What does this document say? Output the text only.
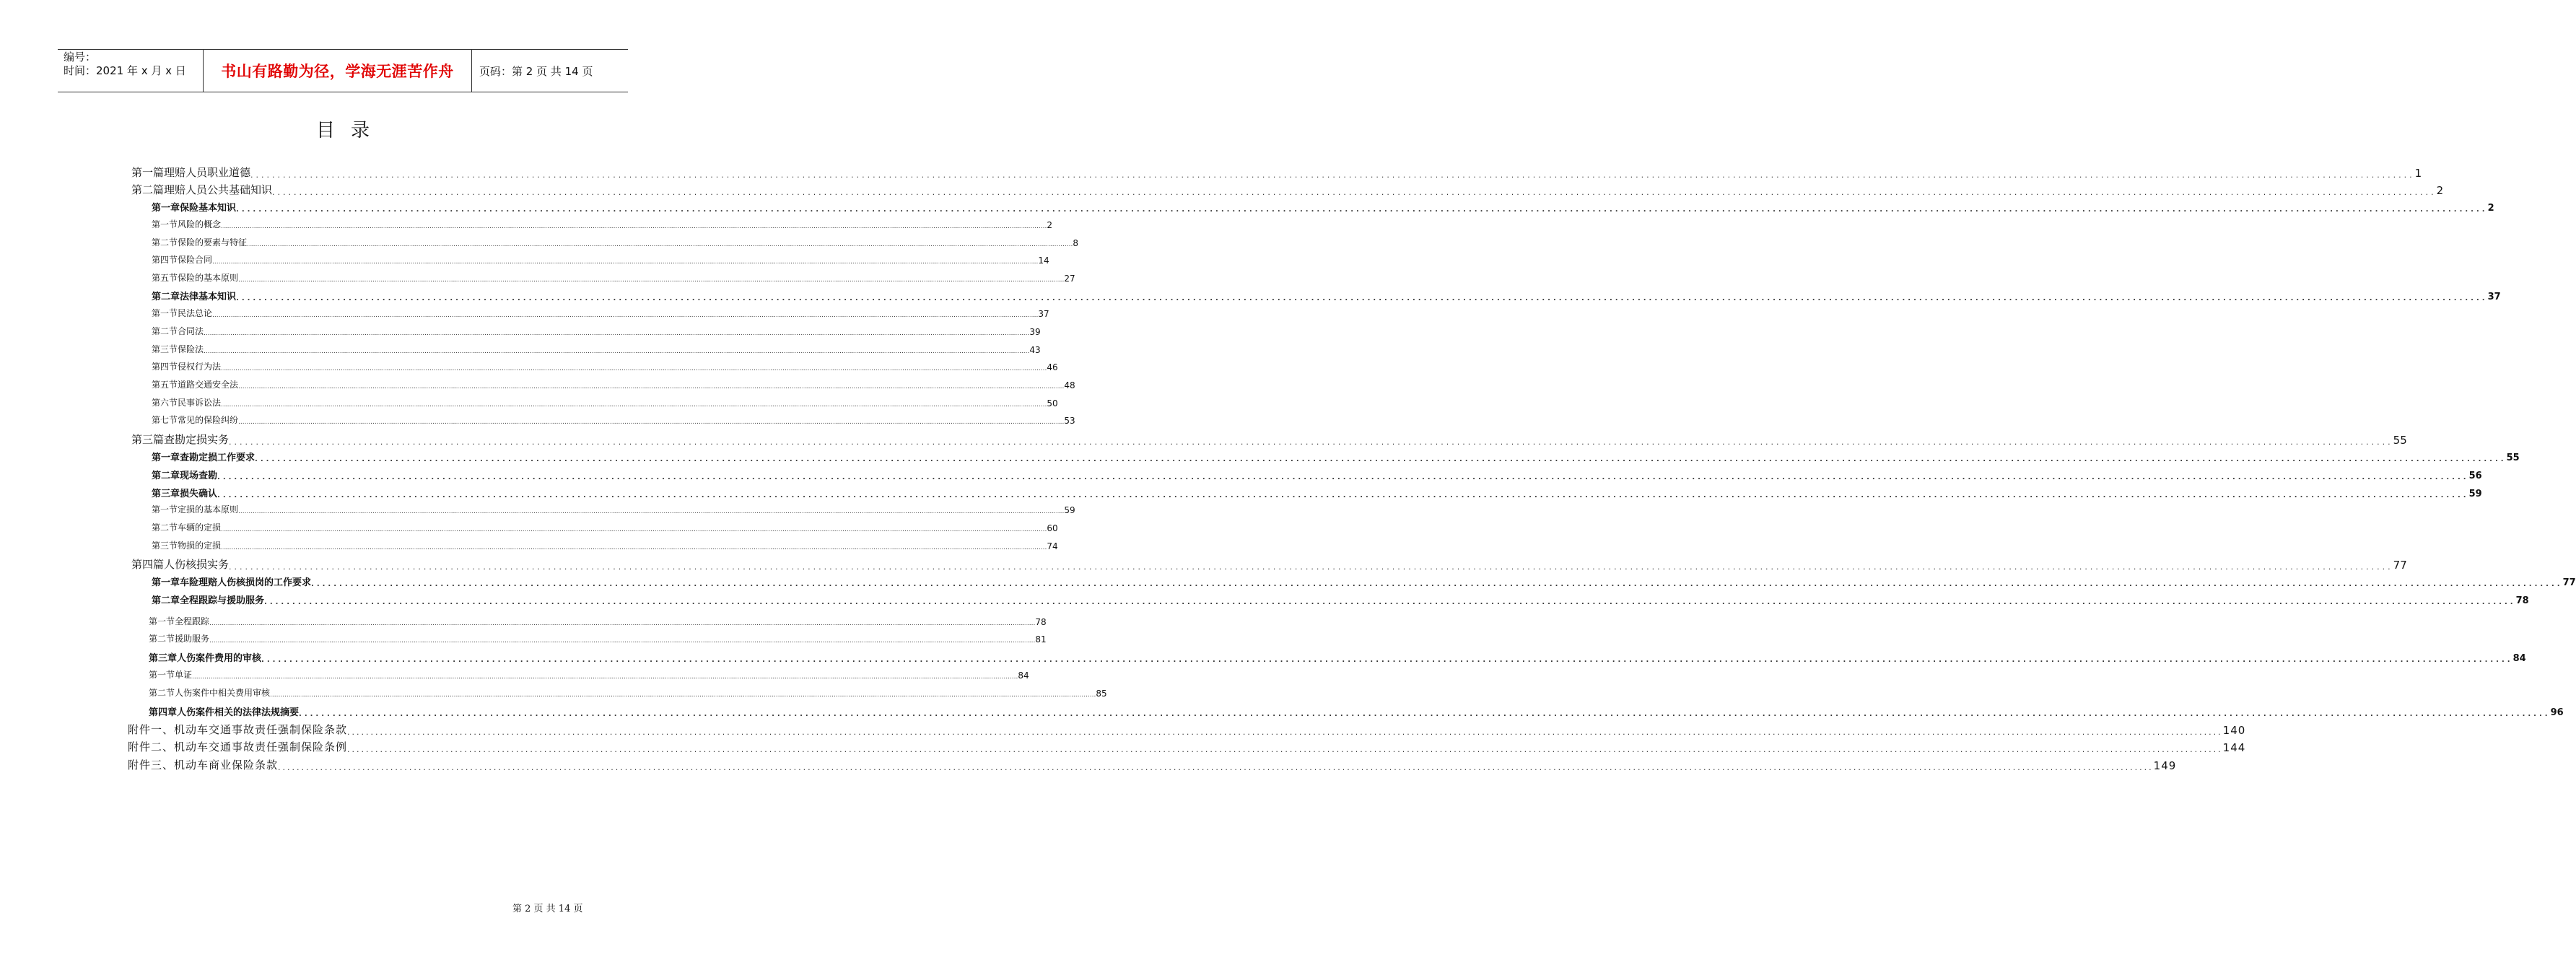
编号：
时间：2021 年 x 月 x 日	书山有路勤为径，学海无涯苦作舟	页码：第 2 页 共 14 页
目录
第一篇 理赔人员职业道德 ................................................................................................................................................................................................................................................................................................................................................................................................................ 1
第二篇 理赔人员公共基础知识 ................................................................................................................................................................................................................................................................................................................................................................................................................ 2
第一章 保险基本知识 ................................................................................................................................................................................................................................................................................................................................................................................................................ 2
第一节 风险的概念 ................................................................................................................................................................................................................................................................................................................................................................................................................ 2
第二节 保险的要素与特征 ................................................................................................................................................................................................................................................................................................................................................................................................................ 8
第四节 保险合同 ................................................................................................................................................................................................................................................................................................................................................................................................................ 14
第五节 保险的基本原则 ................................................................................................................................................................................................................................................................................................................................................................................................................ 27
第二章 法律基本知识 ................................................................................................................................................................................................................................................................................................................................................................................................................ 37
第一节 民法总论 ................................................................................................................................................................................................................................................................................................................................................................................................................ 37
第二节 合同法 ................................................................................................................................................................................................................................................................................................................................................................................................................ 39
第三节 保险法 ................................................................................................................................................................................................................................................................................................................................................................................................................ 43
第四节 侵权行为法 ................................................................................................................................................................................................................................................................................................................................................................................................................ 46
第五节 道路交通安全法 ................................................................................................................................................................................................................................................................................................................................................................................................................ 48
第六节 民事诉讼法 ................................................................................................................................................................................................................................................................................................................................................................................................................ 50
第七节 常见的保险纠纷 ................................................................................................................................................................................................................................................................................................................................................................................................................ 53
第三篇 查勘定损实务 ................................................................................................................................................................................................................................................................................................................................................................................................................ 55
第一章 查勘定损工作要求 ................................................................................................................................................................................................................................................................................................................................................................................................................ 55
第二章 现场查勘 ................................................................................................................................................................................................................................................................................................................................................................................................................ 56
第三章 损失确认 ................................................................................................................................................................................................................................................................................................................................................................................................................ 59
第一节 定损的基本原则 ................................................................................................................................................................................................................................................................................................................................................................................................................ 59
第二节 车辆的定损 ................................................................................................................................................................................................................................................................................................................................................................................................................ 60
第三节 物损的定损 ................................................................................................................................................................................................................................................................................................................................................................................................................ 74
第四篇 人伤核损实务 ................................................................................................................................................................................................................................................................................................................................................................................................................ 77
第一章 车险理赔人伤核损岗的工作要求 ................................................................................................................................................................................................................................................................................................................................................................................................................ 77
第二章 全程跟踪与援助服务 ................................................................................................................................................................................................................................................................................................................................................................................................................ 78
第一节 全程跟踪 ................................................................................................................................................................................................................................................................................................................................................................................................................ 78
第二节 援助服务 ................................................................................................................................................................................................................................................................................................................................................................................................................ 81
第三章 人伤案件费用的审核 ................................................................................................................................................................................................................................................................................................................................................................................................................ 84
第一节 单证 ................................................................................................................................................................................................................................................................................................................................................................................................................ 84
第二节 人伤案件中相关费用审核 ................................................................................................................................................................................................................................................................................................................................................................................................................ 85
第四章 人伤案件相关的法律法规摘要 ................................................................................................................................................................................................................................................................................................................................................................................................................ 96
附件一、机动车交通事故责任强制保险条款 ................................................................................................................................................................................................................................................................................................................................................................................................................ 140
附件二、机动车交通事故责任强制保险条例 ................................................................................................................................................................................................................................................................................................................................................................................................................ 144
附件三、机动车商业保险条款 ................................................................................................................................................................................................................................................................................................................................................................................................................ 149
第 2 页 共 14 页
